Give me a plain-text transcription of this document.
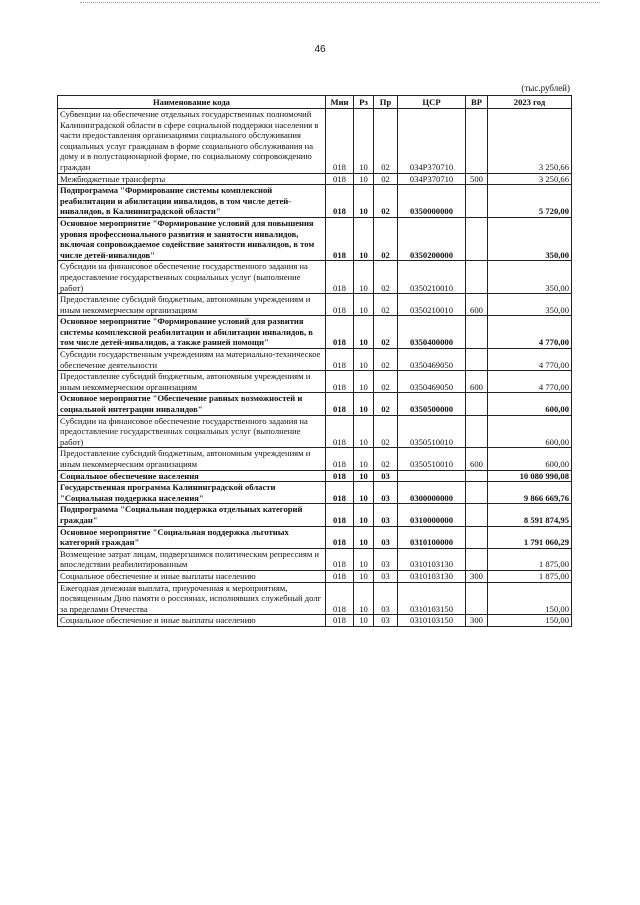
46
(тыс.рублей)
Наименование кода	Мин	Рз	Пр	ЦСР	ВР	2023 год
Субвенции на обеспечение отдельных государственных полномочий Калининградской области в сфере социальной поддержки населения в части предоставления организациями социального обслуживания социальных услуг гражданам в форме социального обслуживания на дому и в полустационарной форме, по социальному сопровождению граждан	018	10	02	034P370710		3 250,66
Межбюджетные трансферты	018	10	02	034P370710	500	3 250,66
Подпрограмма "Формирование системы комплексной реабилитации и абилитации инвалидов, в том числе детей-инвалидов, в Калининградской области"	018	10	02	0350000000		5 720,00
Основное мероприятие "Формирование условий для повышения уровня профессионального развития и занятости инвалидов, включая сопровождаемое содействие занятости инвалидов, в том числе детей-инвалидов"	018	10	02	0350200000		350,00
Субсидии на финансовое обеспечение государственного задания на предоставление государственных социальных услуг (выполнение работ)	018	10	02	0350210010		350,00
Предоставление субсидий бюджетным, автономным учреждениям и иным некоммерческим организациям	018	10	02	0350210010	600	350,00
Основное мероприятие "Формирование условий для развития системы комплексной реабилитации и абилитации инвалидов, в том числе детей-инвалидов, а также ранней помощи"	018	10	02	0350400000		4 770,00
Субсидии государственным учреждениям на материально-техническое обеспечение деятельности	018	10	02	0350469050		4 770,00
Предоставление субсидий бюджетным, автономным учреждениям и иным некоммерческим организациям	018	10	02	0350469050	600	4 770,00
Основное мероприятие "Обеспечение равных возможностей и социальной интеграции инвалидов"	018	10	02	0350500000		600,00
Субсидии на финансовое обеспечение государственного задания на предоставление государственных социальных услуг (выполнение работ)	018	10	02	0350510010		600,00
Предоставление субсидий бюджетным, автономным учреждениям и иным некоммерческим организациям	018	10	02	0350510010	600	600,00
Социальное обеспечение населения	018	10	03			10 080 990,08
Государственная программа Калининградской области "Социальная поддержка населения"	018	10	03	0300000000		9 866 669,76
Подпрограмма "Социальная поддержка отдельных категорий граждан"	018	10	03	0310000000		8 591 874,95
Основное мероприятие "Социальная поддержка льготных категорий граждан"	018	10	03	0310100000		1 791 060,29
Возмещение затрат лицам, подвергшимся политическим репрессиям и впоследствии реабилитированным	018	10	03	0310103130		1 875,00
Социальное обеспечение и иные выплаты населению	018	10	03	0310103130	300	1 875,00
Ежегодная денежная выплата, приуроченная к мероприятиям, посвященным Дню памяти о россиянах, исполнявших служебный долг за пределами Отечества	018	10	03	0310103150		150,00
Социальное обеспечение и иные выплаты населению	018	10	03	0310103150	300	150,00
